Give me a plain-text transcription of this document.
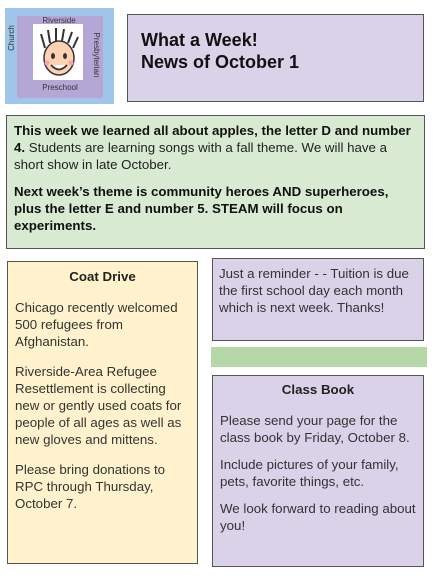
Riverside
Presbyterian
Church
Preschool
What a Week!
News of October 1

This week we learned all about apples, the letter D and number 4. Students are learning songs with a fall theme. We will have a short show in late October.

Next week’s theme is community heroes AND superheroes, plus the letter E and number 5. STEAM will focus on experiments.

Coat Drive

Chicago recently welcomed 500 refugees from Afghanistan.

Riverside-Area Refugee Resettlement is collecting new or gently used coats for people of all ages as well as new gloves and mittens.

Please bring donations to RPC through Thursday, October 7.

Just a reminder - - Tuition is due the first school day each month which is next week. Thanks!

Class Book

Please send your page for the class book by Friday, October 8.

Include pictures of your family, pets, favorite things, etc.

We look forward to reading about you!
